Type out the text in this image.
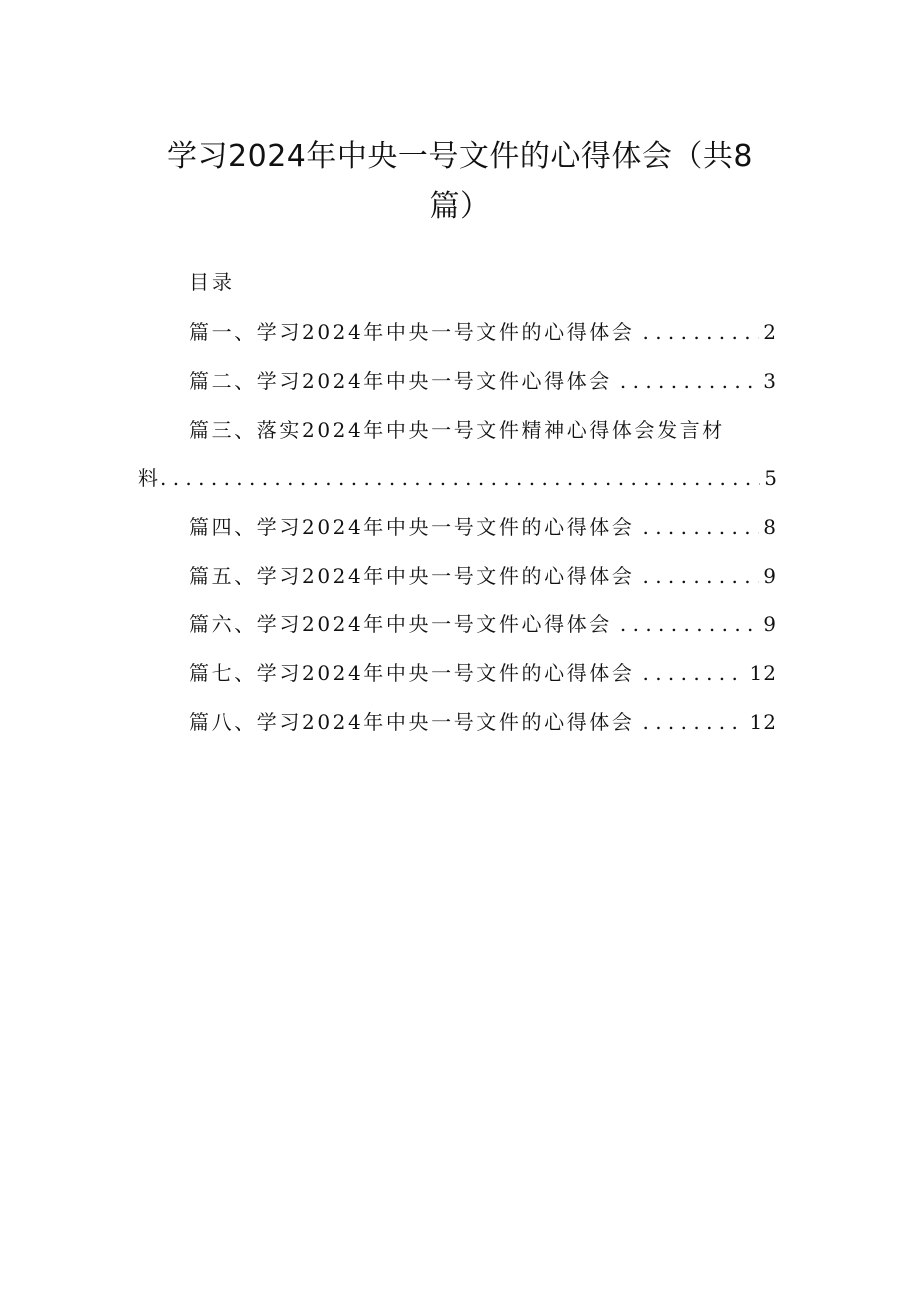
学习2024年中央一号文件的心得体会（共8
篇）
目录
篇一、学习2024年中央一号文件的心得体会 . . .	2
篇二、学习2024年中央一号文件心得体会 . . .	3
篇三、落实2024年中央一号文件精神心得体会发言材
料 . . .	5
篇四、学习2024年中央一号文件的心得体会 . . .	8
篇五、学习2024年中央一号文件的心得体会 . . .	9
篇六、学习2024年中央一号文件心得体会 . . .	9
篇七、学习2024年中央一号文件的心得体会 . . .	12
篇八、学习2024年中央一号文件的心得体会 . . .	12
